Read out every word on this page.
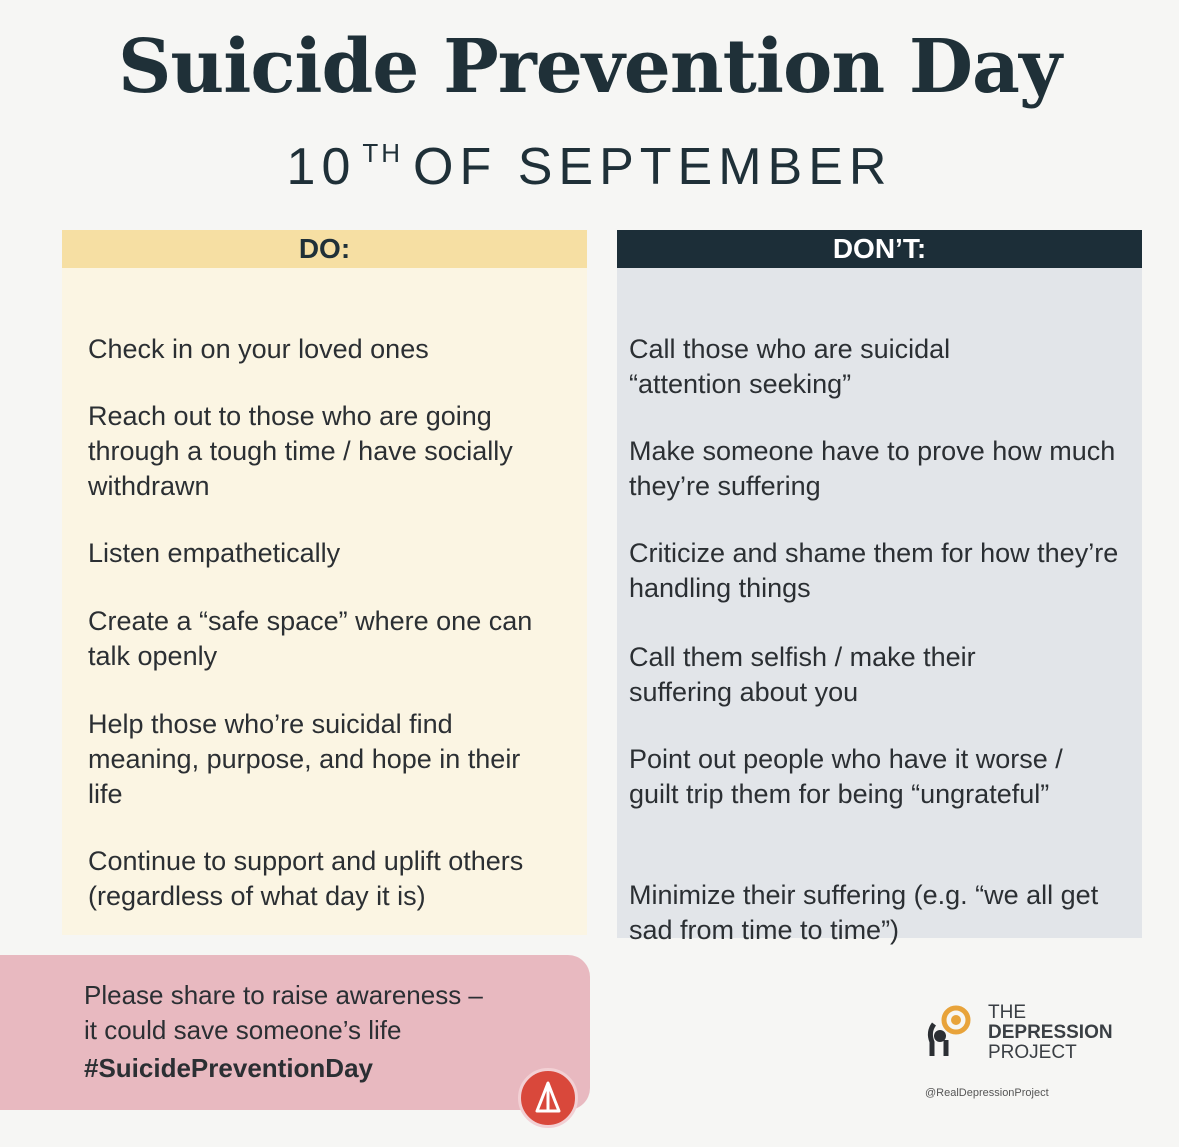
Suicide Prevention Day
10 $^{TH}$ OF SEPTEMBER
DO:
Check in on your loved ones
Reach out to those who are going through a tough time / have socially withdrawn
Listen empathetically
Create a “safe space” where one can talk openly
Help those who’re suicidal find meaning, purpose, and hope in their life
Continue to support and uplift others (regardless of what day it is)
DON’T:
Call those who are suicidal “attention seeking”
Make someone have to prove how much they’re suffering
Criticize and shame them for how they’re handling things
Call them selfish / make their suffering about you
Point out people who have it worse / guilt trip them for being “ungrateful”
Minimize their suffering (e.g. “we all get sad from time to time”)
Please share to raise awareness –
it could save someone’s life
#SuicidePreventionDay
THE
DEPRESSION
PROJECT
@RealDepressionProject
